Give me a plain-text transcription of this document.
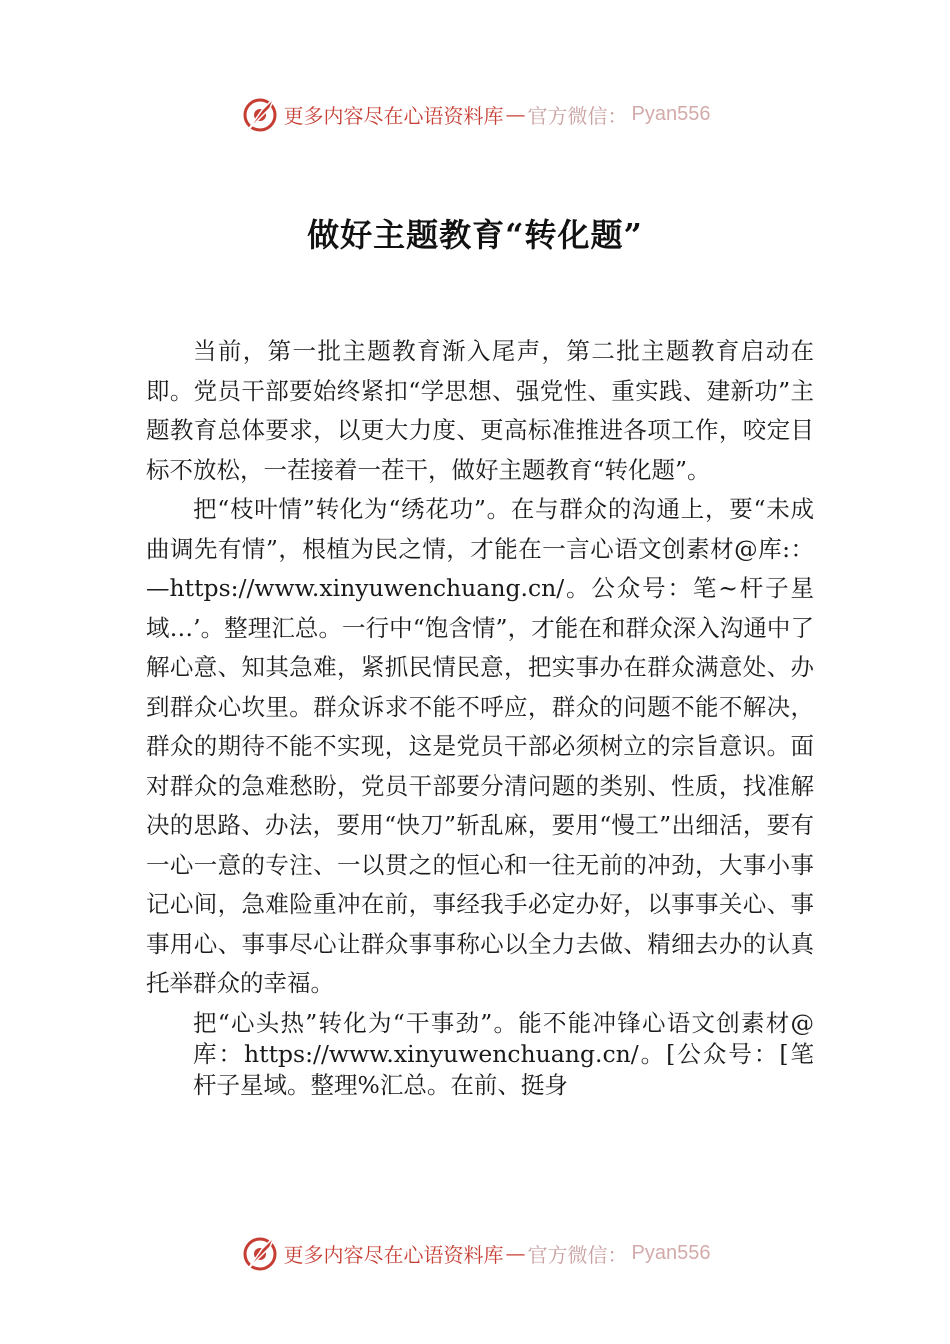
更多内容尽在心语资料库 — 官方微信： Pyan556
做好主题教育“转化题”

当前，第一批主题教育渐入尾声，第二批主题教育启动在即。党员干部要始终紧扣“学思想、强党性、重实践、建新功”主题教育总体要求，以更大力度、更高标准推进各项工作，咬定目标不放松，一茬接着一茬干，做好主题教育“转化题”。

把“枝叶情”转化为“绣花功”。在与群众的沟通上，要“未成曲调先有情”，根植为民之情，才能在一言心语文创素材@库:：—https://www.xinyuwenchuang.cn/。公众号：笔~杆子星域…’。整理汇总。一行中“饱含情”，才能在和群众深入沟通中了解心意、知其急难，紧抓民情民意，把实事办在群众满意处、办到群众心坎里。群众诉求不能不呼应，群众的问题不能不解决，群众的期待不能不实现，这是党员干部必须树立的宗旨意识。面对群众的急难愁盼，党员干部要分清问题的类别、性质，找准解决的思路、办法，要用“快刀”斩乱麻，要用“慢工”出细活，要有一心一意的专注、一以贯之的恒心和一往无前的冲劲，大事小事记心间，急难险重冲在前，事经我手必定办好，以事事关心、事事用心、事事尽心让群众事事称心以全力去做、精细去办的认真托举群众的幸福。

把“心头热”转化为“干事劲”。能不能冲锋心语文创素材@库：https://www.xinyuwenchuang.cn/。[公众号：[笔杆子星域。整理%汇总。在前、挺身

更多内容尽在心语资料库 — 官方微信： Pyan556
